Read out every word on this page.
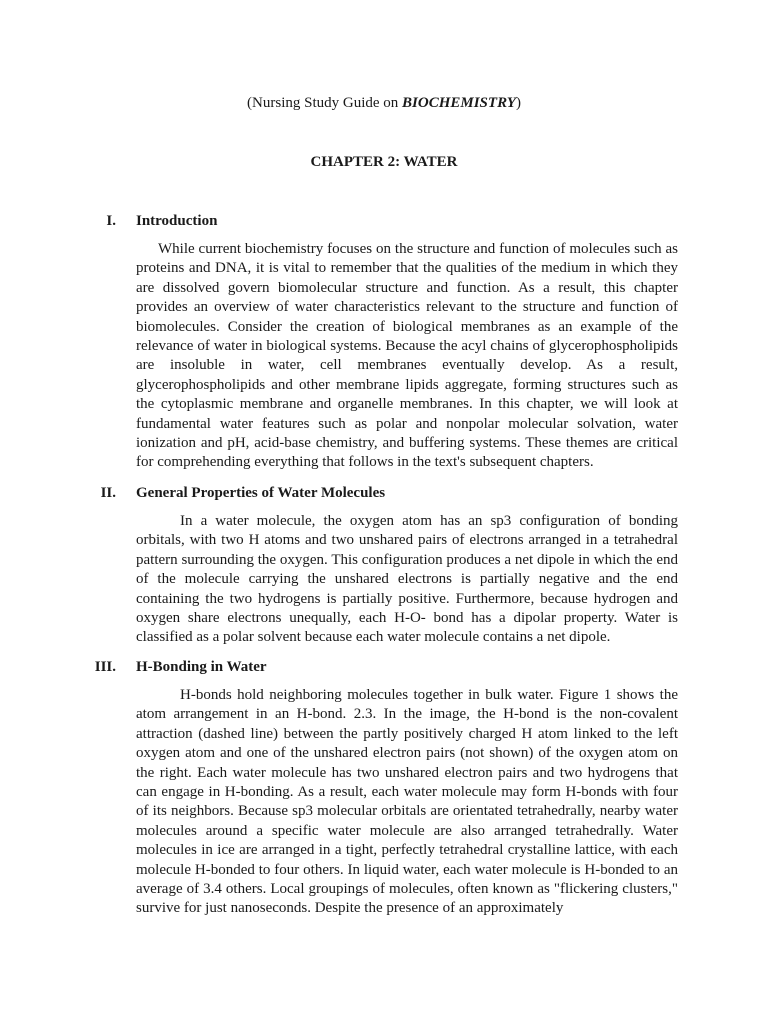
(Nursing Study Guide on BIOCHEMISTRY)
CHAPTER 2: WATER
I. Introduction

While current biochemistry focuses on the structure and function of molecules such as proteins and DNA, it is vital to remember that the qualities of the medium in which they are dissolved govern biomolecular structure and function. As a result, this chapter provides an overview of water characteristics relevant to the structure and function of biomolecules. Consider the creation of biological membranes as an example of the relevance of water in biological systems. Because the acyl chains of glycerophospholipids are insoluble in water, cell membranes eventually develop. As a result, glycerophospholipids and other membrane lipids aggregate, forming structures such as the cytoplasmic membrane and organelle membranes. In this chapter, we will look at fundamental water features such as polar and nonpolar molecular solvation, water ionization and pH, acid-base chemistry, and buffering systems. These themes are critical for comprehending everything that follows in the text's subsequent chapters.

II. General Properties of Water Molecules

In a water molecule, the oxygen atom has an sp3 configuration of bonding orbitals, with two H atoms and two unshared pairs of electrons arranged in a tetrahedral pattern surrounding the oxygen. This configuration produces a net dipole in which the end of the molecule carrying the unshared electrons is partially negative and the end containing the two hydrogens is partially positive. Furthermore, because hydrogen and oxygen share electrons unequally, each H-O- bond has a dipolar property. Water is classified as a polar solvent because each water molecule contains a net dipole.

III. H-Bonding in Water

H-bonds hold neighboring molecules together in bulk water. Figure 1 shows the atom arrangement in an H-bond. 2.3. In the image, the H-bond is the non-covalent attraction (dashed line) between the partly positively charged H atom linked to the left oxygen atom and one of the unshared electron pairs (not shown) of the oxygen atom on the right. Each water molecule has two unshared electron pairs and two hydrogens that can engage in H-bonding. As a result, each water molecule may form H-bonds with four of its neighbors. Because sp3 molecular orbitals are orientated tetrahedrally, nearby water molecules around a specific water molecule are also arranged tetrahedrally. Water molecules in ice are arranged in a tight, perfectly tetrahedral crystalline lattice, with each molecule H-bonded to four others. In liquid water, each water molecule is H-bonded to an average of 3.4 others. Local groupings of molecules, often known as "flickering clusters," survive for just nanoseconds. Despite the presence of an approximately
